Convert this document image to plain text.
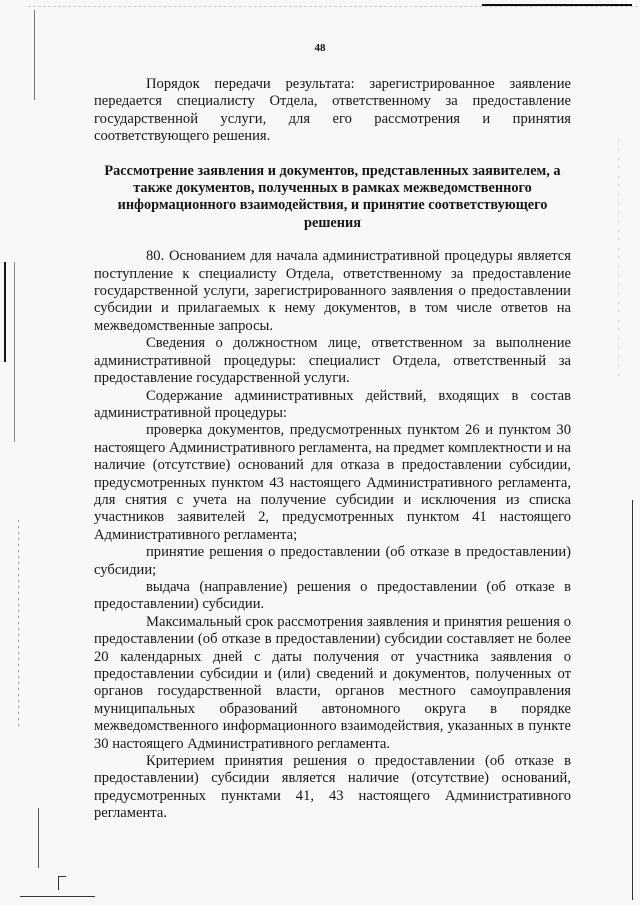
48

Порядок передачи результата: зарегистрированное заявление передается специалисту Отдела, ответственному за предоставление государственной услуги, для его рассмотрения и принятия соответствующего решения.

Рассмотрение заявления и документов, представленных заявителем, а также документов, полученных в рамках межведомственного информационного взаимодействия, и принятие соответствующего решения

80. Основанием для начала административной процедуры является поступление к специалисту Отдела, ответственному за предоставление государственной услуги, зарегистрированного заявления о предоставлении субсидии и прилагаемых к нему документов, в том числе ответов на межведомственные запросы.

Сведения о должностном лице, ответственном за выполнение административной процедуры: специалист Отдела, ответственный за предоставление государственной услуги.

Содержание административных действий, входящих в состав административной процедуры:

проверка документов, предусмотренных пунктом 26 и пунктом 30 настоящего Административного регламента, на предмет комплектности и на наличие (отсутствие) оснований для отказа в предоставлении субсидии, предусмотренных пунктом 43 настоящего Административного регламента, для снятия с учета на получение субсидии и исключения из списка участников заявителей 2, предусмотренных пунктом 41 настоящего Административного регламента;

принятие решения о предоставлении (об отказе в предоставлении) субсидии;

выдача (направление) решения о предоставлении (об отказе в предоставлении) субсидии.

Максимальный срок рассмотрения заявления и принятия решения о предоставлении (об отказе в предоставлении) субсидии составляет не более 20 календарных дней с даты получения от участника заявления о предоставлении субсидии и (или) сведений и документов, полученных от органов государственной власти, органов местного самоуправления муниципальных образований автономного округа в порядке межведомственного информационного взаимодействия, указанных в пункте 30 настоящего Административного регламента.

Критерием принятия решения о предоставлении (об отказе в предоставлении) субсидии является наличие (отсутствие) оснований, предусмотренных пунктами 41, 43 настоящего Административного регламента.
